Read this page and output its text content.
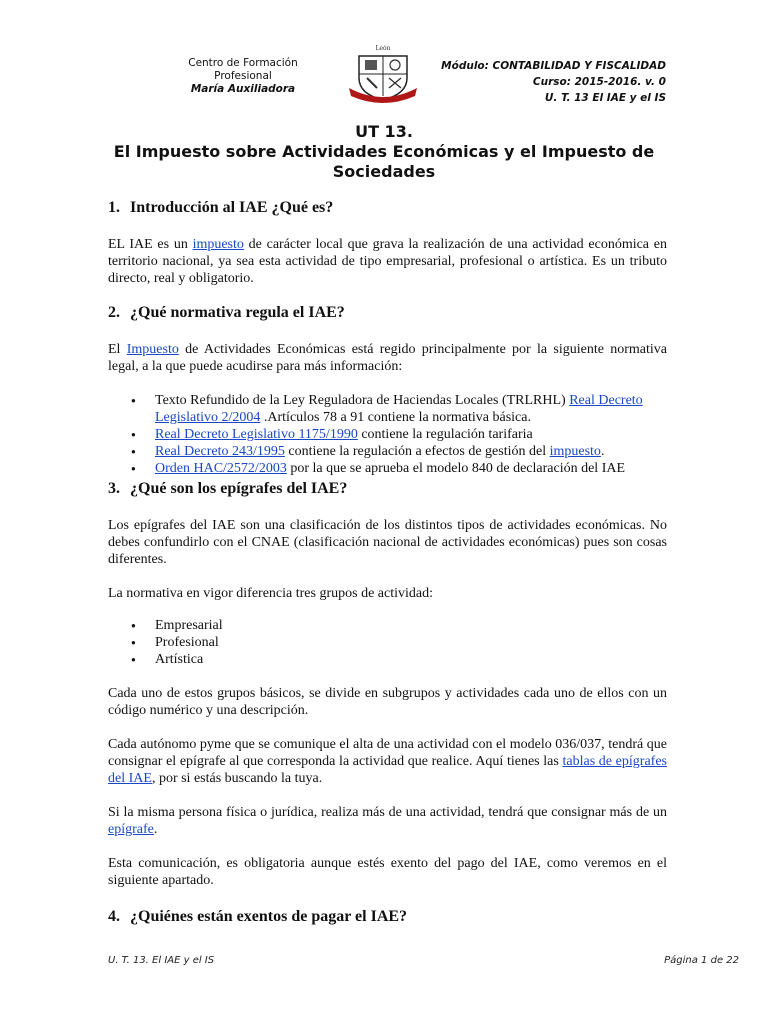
Centro de Formación
Profesional
María Auxiliadora
León
Módulo: CONTABILIDAD Y FISCALIDAD
Curso: 2015-2016. v. 0
U. T. 13 El IAE y el IS
UT 13.
El Impuesto sobre Actividades Económicas y el Impuesto de
Sociedades
1. Introducción al IAE ¿Qué es?

EL IAE es un impuesto de carácter local que grava la realización de una actividad económica en territorio nacional, ya sea esta actividad de tipo empresarial, profesional o artística. Es un tributo directo, real y obligatorio.

2. ¿Qué normativa regula el IAE?

El Impuesto de Actividades Económicas está regido principalmente por la siguiente normativa legal, a la que puede acudirse para más información:

● Texto Refundido de la Ley Reguladora de Haciendas Locales (TRLRHL) Real Decreto Legislativo 2/2004 .Artículos 78 a 91 contiene la normativa básica.
● Real Decreto Legislativo 1175/1990 contiene la regulación tarifaria
● Real Decreto 243/1995 contiene la regulación a efectos de gestión del impuesto.
● Orden HAC/2572/2003 por la que se aprueba el modelo 840 de declaración del IAE
3. ¿Qué son los epígrafes del IAE?

Los epígrafes del IAE son una clasificación de los distintos tipos de actividades económicas. No debes confundirlo con el CNAE (clasificación nacional de actividades económicas) pues son cosas diferentes.

La normativa en vigor diferencia tres grupos de actividad:

● Empresarial
● Profesional
● Artística

Cada uno de estos grupos básicos, se divide en subgrupos y actividades cada uno de ellos con un código numérico y una descripción.

Cada autónomo pyme que se comunique el alta de una actividad con el modelo 036/037, tendrá que consignar el epígrafe al que corresponda la actividad que realice. Aquí tienes las tablas de epígrafes del IAE, por si estás buscando la tuya.

Si la misma persona física o jurídica, realiza más de una actividad, tendrá que consignar más de un epígrafe.

Esta comunicación, es obligatoria aunque estés exento del pago del IAE, como veremos en el siguiente apartado.

4. ¿Quiénes están exentos de pagar el IAE?
U. T. 13. El IAE y el IS	Página 1 de 22
